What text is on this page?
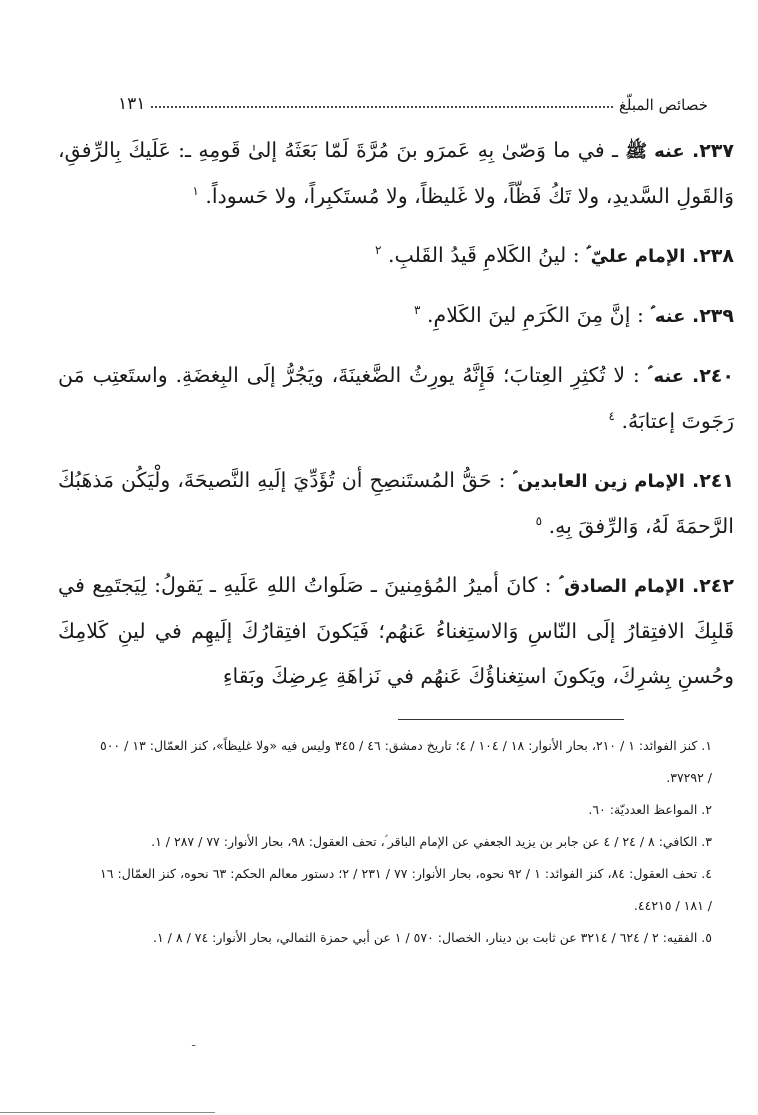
خصائص المبلّغ
١٣١

٢٣٧. عنه ﷺ ـ في ما وَصّىٰ بِهِ عَمرَو بنَ مُرَّةَ لَمّا بَعَثَهُ إلىٰ قَومِهِ ـ: عَلَيكَ بِالرِّفقِ، وَالقَولِ السَّديدِ، ولا تَكُ فَظّاً، ولا غَليظاً، ولا مُستَكبِراً، ولا حَسوداً. $^١$

٢٣٨. الإمام عليّ ؑ : لينُ الكَلامِ قَيدُ القَلبِ. $^٢$

٢٣٩. عنه ؑ : إنَّ مِنَ الكَرَمِ لينَ الكَلامِ. $^٣$

٢٤٠. عنه ؑ : لا تُكثِرِ العِتابَ؛ فَإِنَّهُ يورِثُ الضَّغينَةَ، ويَجُرُّ إلَى البِغضَةِ. واستَعتِب مَن رَجَوتَ إعتابَهُ. $^٤$

٢٤١. الإمام زين العابدين ؑ : حَقُّ المُستَنصِحِ أن تُؤَدِّيَ إلَيهِ النَّصيحَةَ، ولْيَكُن مَذهَبُكَ الرَّحمَةَ لَهُ، وَالرِّفقَ بِهِ. $^٥$

٢٤٢. الإمام الصادق ؑ : كانَ أميرُ المُؤمِنينَ ـ صَلَواتُ اللهِ عَلَيهِ ـ يَقولُ: لِيَجتَمِع في قَلبِكَ الافتِقارُ إلَى النّاسِ وَالاستِغناءُ عَنهُم؛ فَيَكونَ افتِقارُكَ إلَيهِم في لينِ كَلامِكَ وحُسنِ بِشرِكَ، ويَكونَ استِغناؤُكَ عَنهُم في نَزاهَةِ عِرضِكَ وبَقاءِ

١. كنز الفوائد: ١ / ٢١٠، بحار الأنوار: ١٨ / ١٠٤ / ٤؛ تاريخ دمشق: ٤٦ / ٣٤٥ وليس فيه «ولا غليظاً»، كنز العمّال: ١٣ / ٥٠٠ / ٣٧٢٩٢.

٢. المواعظ العدديّة: ٦٠.

٣. الكافي: ٨ / ٢٤ / ٤ عن جابر بن يزيد الجعفي عن الإمام الباقر ؑ، تحف العقول: ٩٨، بحار الأنوار: ٧٧ / ٢٨٧ / ١.

٤. تحف العقول: ٨٤، كنز الفوائد: ١ / ٩٢ نحوه، بحار الأنوار: ٧٧ / ٢٣١ / ٢؛ دستور معالم الحكم: ٦٣ نحوه، كنز العمّال: ١٦ / ١٨١ / ٤٤٢١٥.

٥. الفقيه: ٢ / ٦٢٤ / ٣٢١٤ عن ثابت بن دينار، الخصال: ٥٧٠ / ١ عن أبي حمزة الثمالي، بحار الأنوار: ٧٤ / ٨ / ١.

ـ
